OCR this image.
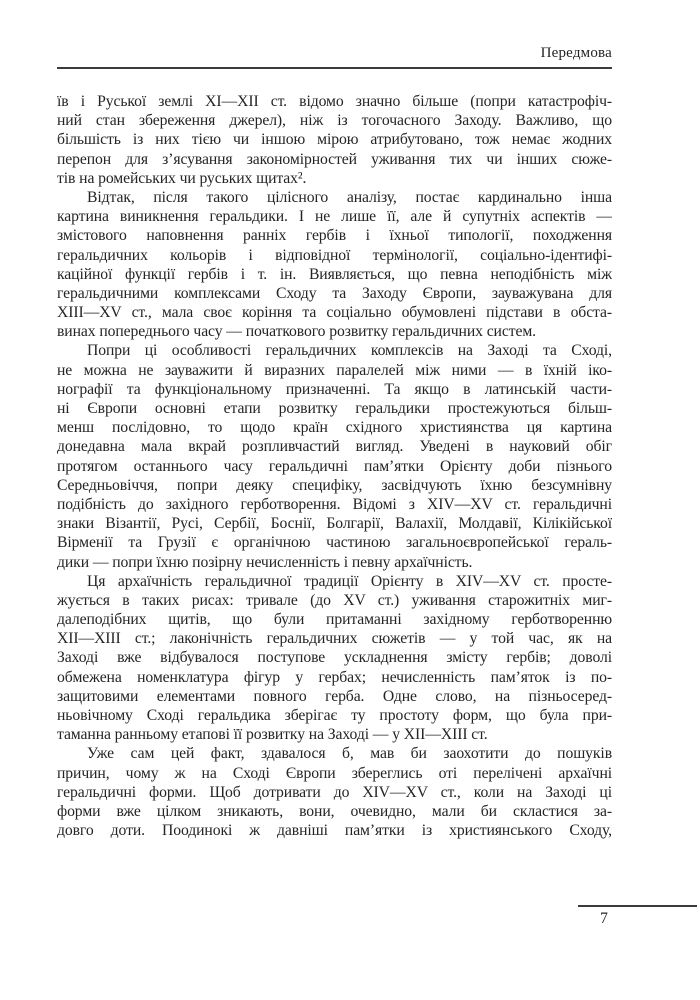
Передмова
їв і Руської землі XI—XII ст. відомо значно більше (попри катастрофіч-
ний стан збереження джерел), ніж із тогочасного Заходу. Важливо, що
більшість із них тією чи іншою мірою атрибутовано, тож немає жодних
перепон для з’ясування закономірностей уживання тих чи інших сюже-
тів на ромейських чи руських щитах².
Відтак, після такого цілісного аналізу, постає кардинально інша
картина виникнення геральдики. І не лише її, але й супутніх аспектів —
змістового наповнення ранніх гербів і їхньої типології, походження
геральдичних кольорів і відповідної термінології, соціально-ідентифі-
каційної функції гербів і т. ін. Виявляється, що певна неподібність між
геральдичними комплексами Сходу та Заходу Європи, зауважувана для
XIII—XV ст., мала своє коріння та соціально обумовлені підстави в обста-
винах попереднього часу — початкового розвитку геральдичних систем.
Попри ці особливості геральдичних комплексів на Заході та Сході,
не можна не зауважити й виразних паралелей між ними — в їхній іко-
нографії та функціональному призначенні. Та якщо в латинській части-
ні Європи основні етапи розвитку геральдики простежуються більш-
менш послідовно, то щодо країн східного християнства ця картина
донедавна мала вкрай розпливчастий вигляд. Уведені в науковий обіг
протягом останнього часу геральдичні пам’ятки Орієнту доби пізнього
Середньовіччя, попри деяку специфіку, засвідчують їхню безсумнівну
подібність до західного герботворення. Відомі з XIV—XV ст. геральдичні
знаки Візантії, Русі, Сербії, Боснії, Болгарії, Валахії, Молдавії, Кілікійської
Вірменії та Грузії є органічною частиною загальноєвропейської гераль-
дики — попри їхню позірну нечисленність і певну архаїчність.
Ця архаїчність геральдичної традиції Орієнту в XIV—XV ст. просте-
жується в таких рисах: тривале (до XV ст.) уживання старожитніх миг-
далеподібних щитів, що були притаманні західному герботворенню
XII—XIII ст.; лаконічність геральдичних сюжетів — у той час, як на
Заході вже відбувалося поступове ускладнення змісту гербів; доволі
обмежена номенклатура фігур у гербах; нечисленність пам’яток із по-
защитовими елементами повного герба. Одне слово, на пізньосеред-
ньовічному Сході геральдика зберігає ту простоту форм, що була при-
таманна ранньому етапові її розвитку на Заході — у XII—XIII ст.
Уже сам цей факт, здавалося б, мав би заохотити до пошуків
причин, чому ж на Сході Європи збереглись оті перелічені архаїчні
геральдичні форми. Щоб дотривати до XIV—XV ст., коли на Заході ці
форми вже цілком зникають, вони, очевидно, мали би скластися за-
довго доти. Поодинокі ж давніші пам’ятки із християнського Сходу,
7
